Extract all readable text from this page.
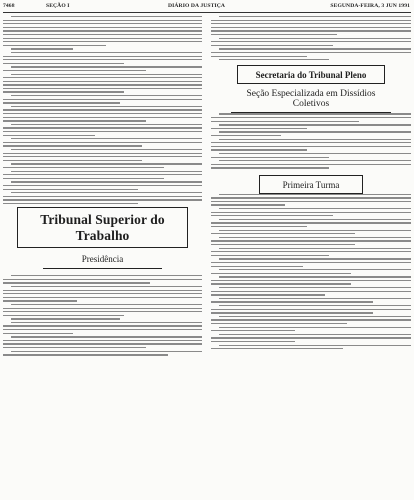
7468	SEÇÃO I	DIÁRIO DA JUSTIÇA	SEGUNDA-FEIRA, 3 JUN 1991
Tribunal Superior do Trabalho
Presidência
Secretaria do Tribunal Pleno
Seção Especializada em Dissídios Coletivos
Primeira Turma
